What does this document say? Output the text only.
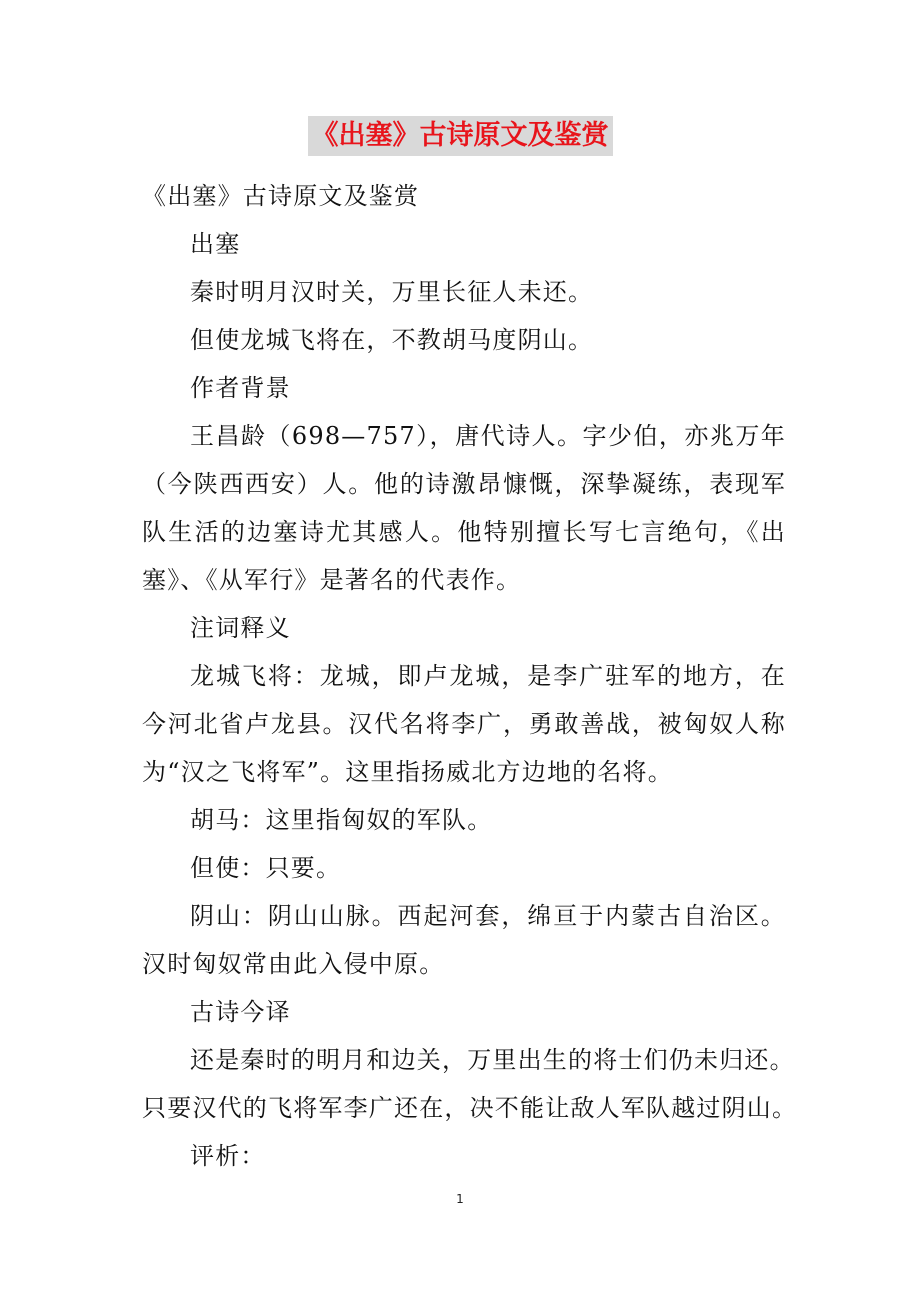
《出塞》古诗原文及鉴赏

《出塞》古诗原文及鉴赏

出塞

秦时明月汉时关，万里长征人未还。

但使龙城飞将在，不教胡马度阴山。

作者背景

王昌龄（698—757），唐代诗人。字少伯，亦兆万年（今陕西西安）人。他的诗激昂慷慨，深挚凝练，表现军队生活的边塞诗尤其感人。他特别擅长写七言绝句，《出塞》、《从军行》是著名的代表作。

注词释义

龙城飞将：龙城，即卢龙城，是李广驻军的地方，在今河北省卢龙县。汉代名将李广，勇敢善战，被匈奴人称为“汉之飞将军”。这里指扬威北方边地的名将。

胡马：这里指匈奴的军队。

但使：只要。

阴山：阴山山脉。西起河套，绵亘于内蒙古自治区。汉时匈奴常由此入侵中原。

古诗今译

还是秦时的明月和边关，万里出生的将士们仍未归还。

只要汉代的飞将军李广还在，决不能让敌人军队越过阴山。

评析：

1
